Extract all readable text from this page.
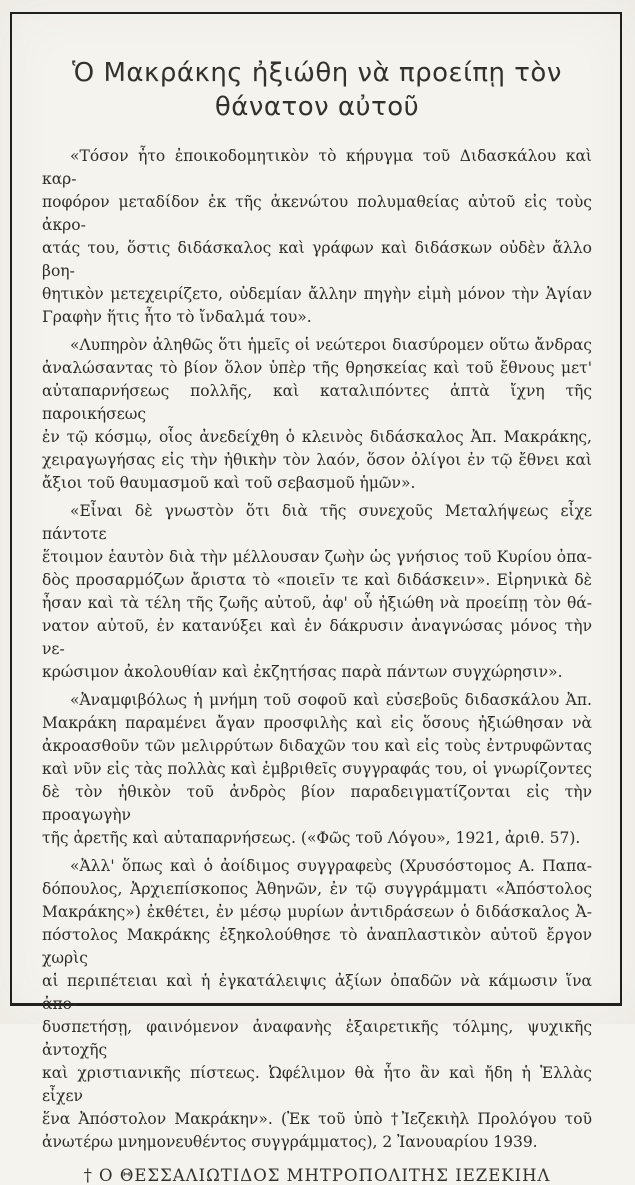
Ὁ Μακράκης ἠξιώθη νὰ προείπῃ τὸν
θάνατον αὐτοῦ
«Τόσον ἦτο ἐποικοδομητικὸν τὸ κήρυγμα τοῦ Διδασκάλου καὶ καρ-
ποφόρον μεταδίδον ἐκ τῆς ἀκενώτου πολυμαθείας αὐτοῦ εἰς τοὺς ἀκρο-
ατάς του, ὅστις διδάσκαλος καὶ γράφων καὶ διδάσκων οὐδὲν ἄλλο βοη-
θητικὸν μετεχειρίζετο, οὐδεμίαν ἄλλην πηγὴν εἰμὴ μόνον τὴν Ἁγίαν
Γραφὴν ἥτις ἦτο τὸ ἴνδαλμά του».
«Λυπηρὸν ἀληθῶς ὅτι ἡμεῖς οἱ νεώτεροι διασύρομεν οὕτω ἄνδρας
ἀναλώσαντας τὸ βίον ὅλον ὑπὲρ τῆς θρησκείας καὶ τοῦ ἔθνους μετ'
αὐταπαρνήσεως πολλῆς, καὶ καταλιπόντες ἁπτὰ ἴχνη τῆς παροικήσεως
ἐν τῷ κόσμῳ, οἷος ἀνεδείχθη ὁ κλεινὸς διδάσκαλος Ἀπ. Μακράκης,
χειραγωγήσας εἰς τὴν ἠθικὴν τὸν λαόν, ὅσον ὀλίγοι ἐν τῷ ἔθνει καὶ
ἄξιοι τοῦ θαυμασμοῦ καὶ τοῦ σεβασμοῦ ἡμῶν».
«Εἶναι δὲ γνωστὸν ὅτι διὰ τῆς συνεχοῦς Μεταλήψεως εἶχε πάντοτε
ἕτοιμον ἑαυτὸν διὰ τὴν μέλλουσαν ζωὴν ὡς γνήσιος τοῦ Κυρίου ὀπα-
δὸς προσαρμόζων ἄριστα τὸ «ποιεῖν τε καὶ διδάσκειν». Εἰρηνικὰ δὲ
ἦσαν καὶ τὰ τέλη τῆς ζωῆς αὐτοῦ, ἀφ' οὗ ἠξιώθη νὰ προείπῃ τὸν θά-
νατον αὐτοῦ, ἐν κατανύξει καὶ ἐν δάκρυσιν ἀναγνώσας μόνος τὴν νε-
κρώσιμον ἀκολουθίαν καὶ ἐκζητήσας παρὰ πάντων συγχώρησιν».
«Ἀναμφιβόλως ἡ μνήμη τοῦ σοφοῦ καὶ εὐσεβοῦς διδασκάλου Ἀπ.
Μακράκη παραμένει ἄγαν προσφιλὴς καὶ εἰς ὅσους ἠξιώθησαν νὰ
ἀκροασθοῦν τῶν μελιρρύτων διδαχῶν του καὶ εἰς τοὺς ἐντρυφῶντας
καὶ νῦν εἰς τὰς πολλὰς καὶ ἐμβριθεῖς συγγραφάς του, οἱ γνωρίζοντες
δὲ τὸν ἠθικὸν τοῦ ἀνδρὸς βίον παραδειγματίζονται εἰς τὴν προαγωγὴν
τῆς ἀρετῆς καὶ αὐταπαρνήσεως. («Φῶς τοῦ Λόγου», 1921, ἀριθ. 57).
«Ἀλλ' ὅπως καὶ ὁ ἀοίδιμος συγγραφεὺς (Χρυσόστομος Α. Παπα-
δόπουλος, Ἀρχιεπίσκοπος Ἀθηνῶν, ἐν τῷ συγγράμματι «Ἀπόστολος
Μακράκης») ἐκθέτει, ἐν μέσῳ μυρίων ἀντιδράσεων ὁ διδάσκαλος Ἀ-
πόστολος Μακράκης ἐξηκολούθησε τὸ ἀναπλαστικὸν αὐτοῦ ἔργον χωρὶς
αἱ περιπέτειαι καὶ ἡ ἐγκατάλειψις ἀξίων ὀπαδῶν νὰ κάμωσιν ἵνα ἀπο-
δυσπετήσῃ, φαινόμενον ἀναφανὴς ἐξαιρετικῆς τόλμης, ψυχικῆς ἀντοχῆς
καὶ χριστιανικῆς πίστεως. Ὠφέλιμον θὰ ἦτο ἂν καὶ ἤδη ἡ Ἑλλὰς εἶχεν
ἕνα Ἀπόστολον Μακράκην». (Ἐκ τοῦ ὑπὸ †Ἰεζεκιὴλ Προλόγου τοῦ
ἀνωτέρω μνημονευθέντος συγγράμματος), 2 Ἰανουαρίου 1939.
† Ο ΘΕΣΣΑΛΙΩΤΙΔΟΣ ΜΗΤΡΟΠΟΛΙΤΗΣ ΙΕΖΕΚΙΗΛ
